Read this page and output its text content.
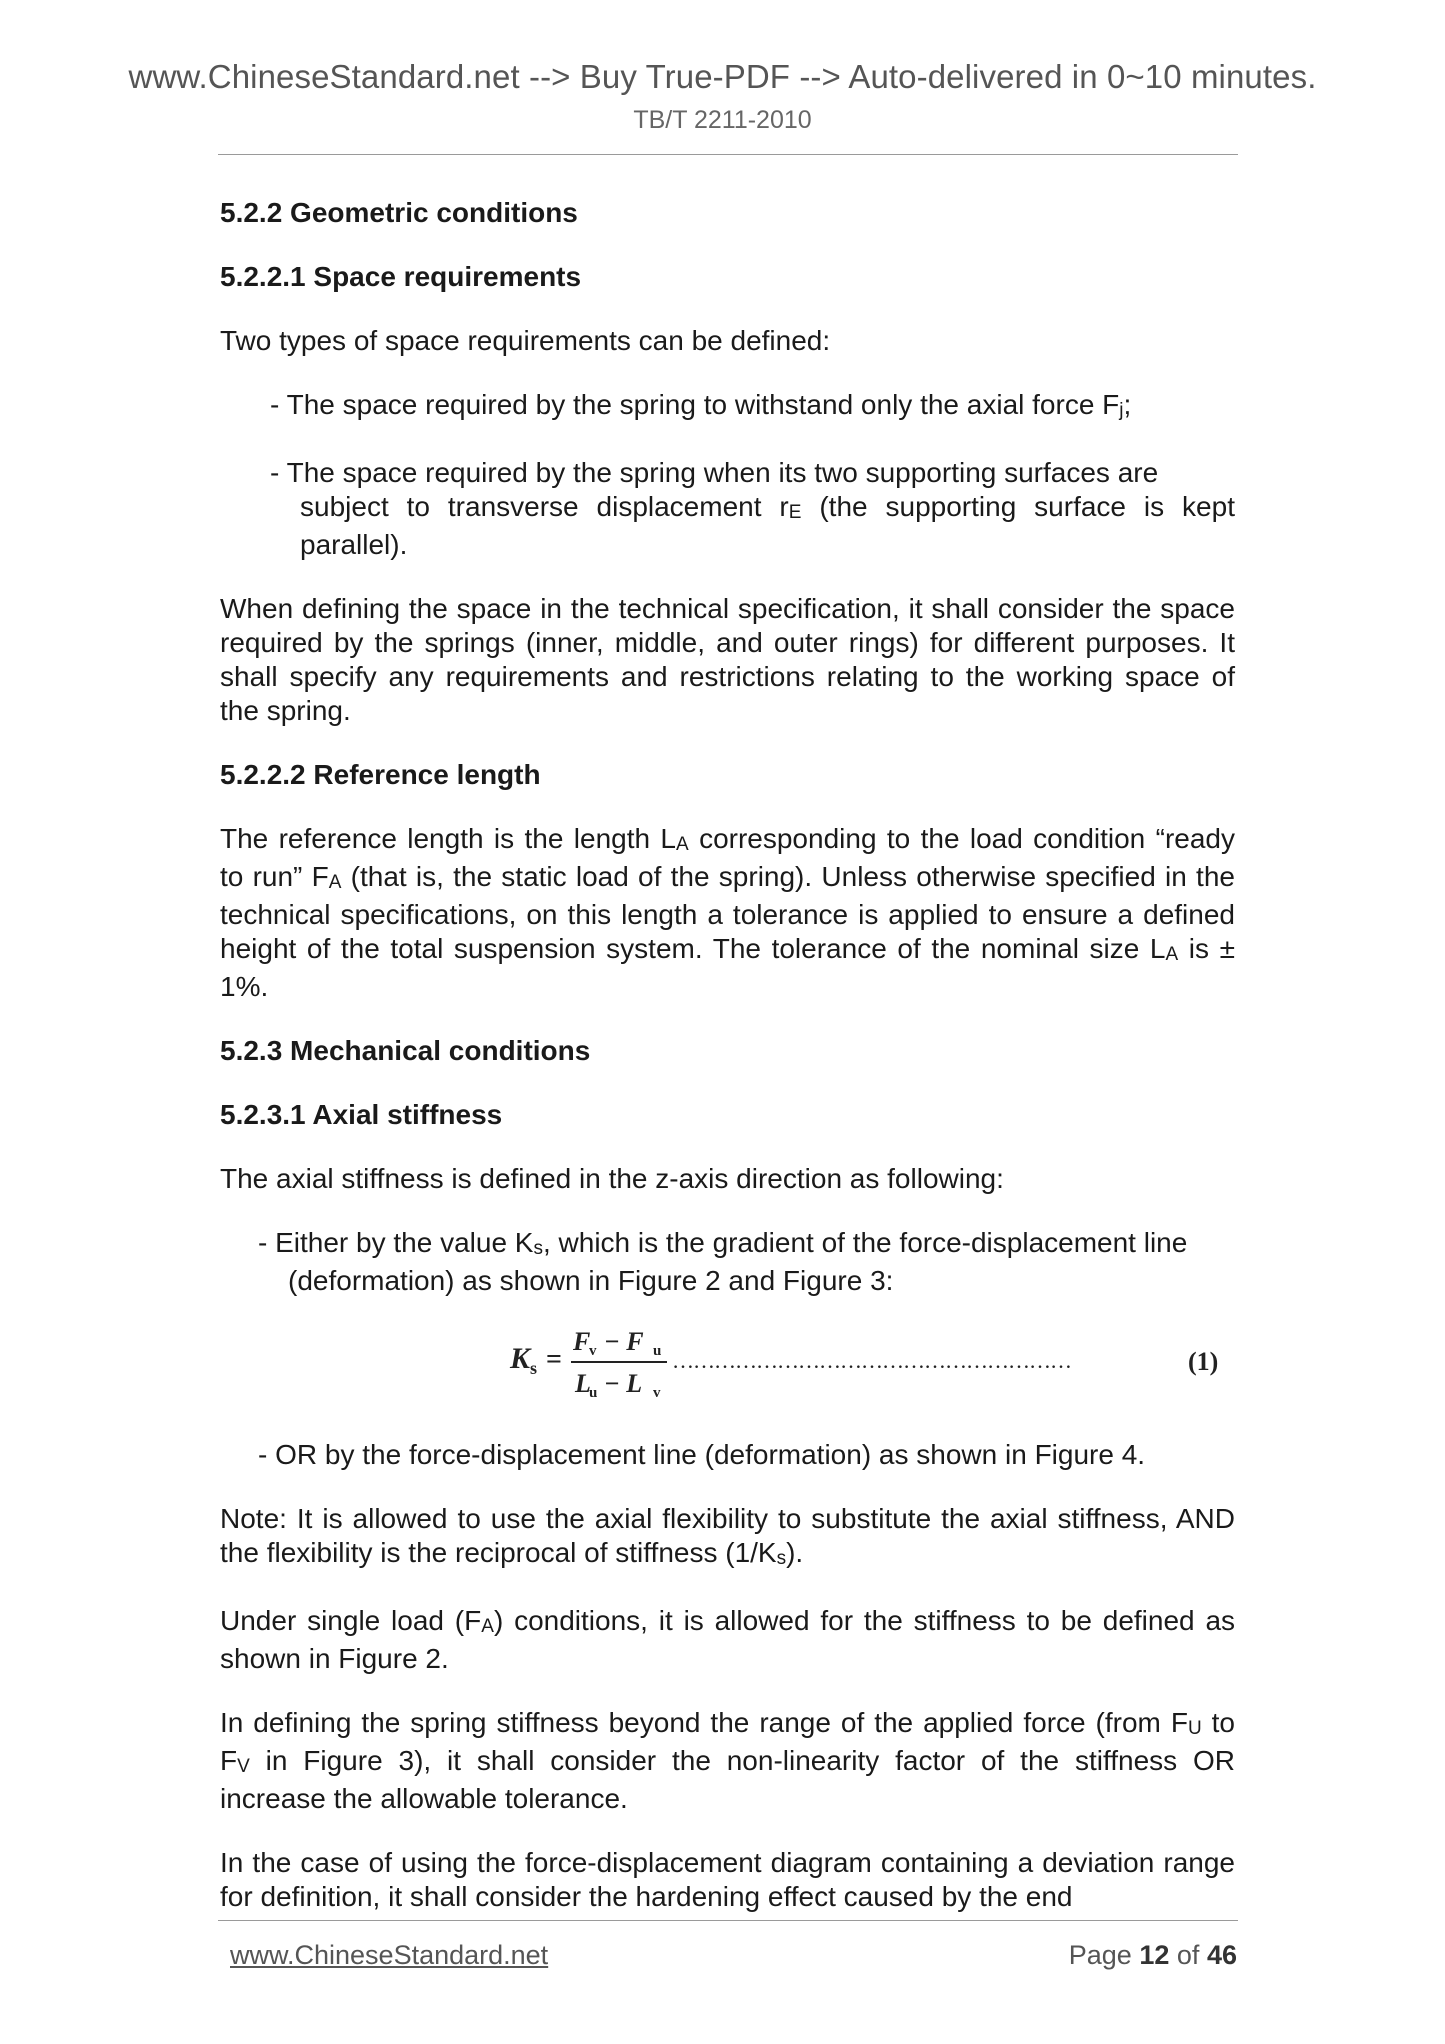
www.ChineseStandard.net --> Buy True-PDF --> Auto-delivered in 0~10 minutes.
TB/T 2211-2010
5.2.2 Geometric conditions
5.2.2.1 Space requirements
Two types of space requirements can be defined:
- The space required by the spring to withstand only the axial force $F_j$;
- The space required by the spring when its two supporting surfaces are
subject to transverse displacement $r_E$ (the supporting surface is kept parallel).
When defining the space in the technical specification, it shall consider the space required by the springs (inner, middle, and outer rings) for different purposes. It shall specify any requirements and restrictions relating to the working space of the spring.
5.2.2.2 Reference length
The reference length is the length $L_A$ corresponding to the load condition “ready to run” $F_A$ (that is, the static load of the spring). Unless otherwise specified in the technical specifications, on this length a tolerance is applied to ensure a defined height of the total suspension system. The tolerance of the nominal size $L_A$ is ± 1%.
5.2.3 Mechanical conditions
5.2.3.1 Axial stiffness
The axial stiffness is defined in the z-axis direction as following:
- Either by the value $K_s$, which is the gradient of the force-displacement line
(deformation) as shown in Figure 2 and Figure 3:
K s =
F
v − F u
L
u − L v
…………………………………………………	(1)
- OR by the force-displacement line (deformation) as shown in Figure 4.
Note: It is allowed to use the axial flexibility to substitute the axial stiffness, AND the flexibility is the reciprocal of stiffness $(1/K_s)$.
Under single load $(F_A)$ conditions, it is allowed for the stiffness to be defined as shown in Figure 2.
In defining the spring stiffness beyond the range of the applied force (from $F_U$ to $F_V$ in Figure 3), it shall consider the non-linearity factor of the stiffness OR increase the allowable tolerance.
In the case of using the force-displacement diagram containing a deviation range for definition, it shall consider the hardening effect caused by the end
www.ChineseStandard.net	Page 12 of 46
